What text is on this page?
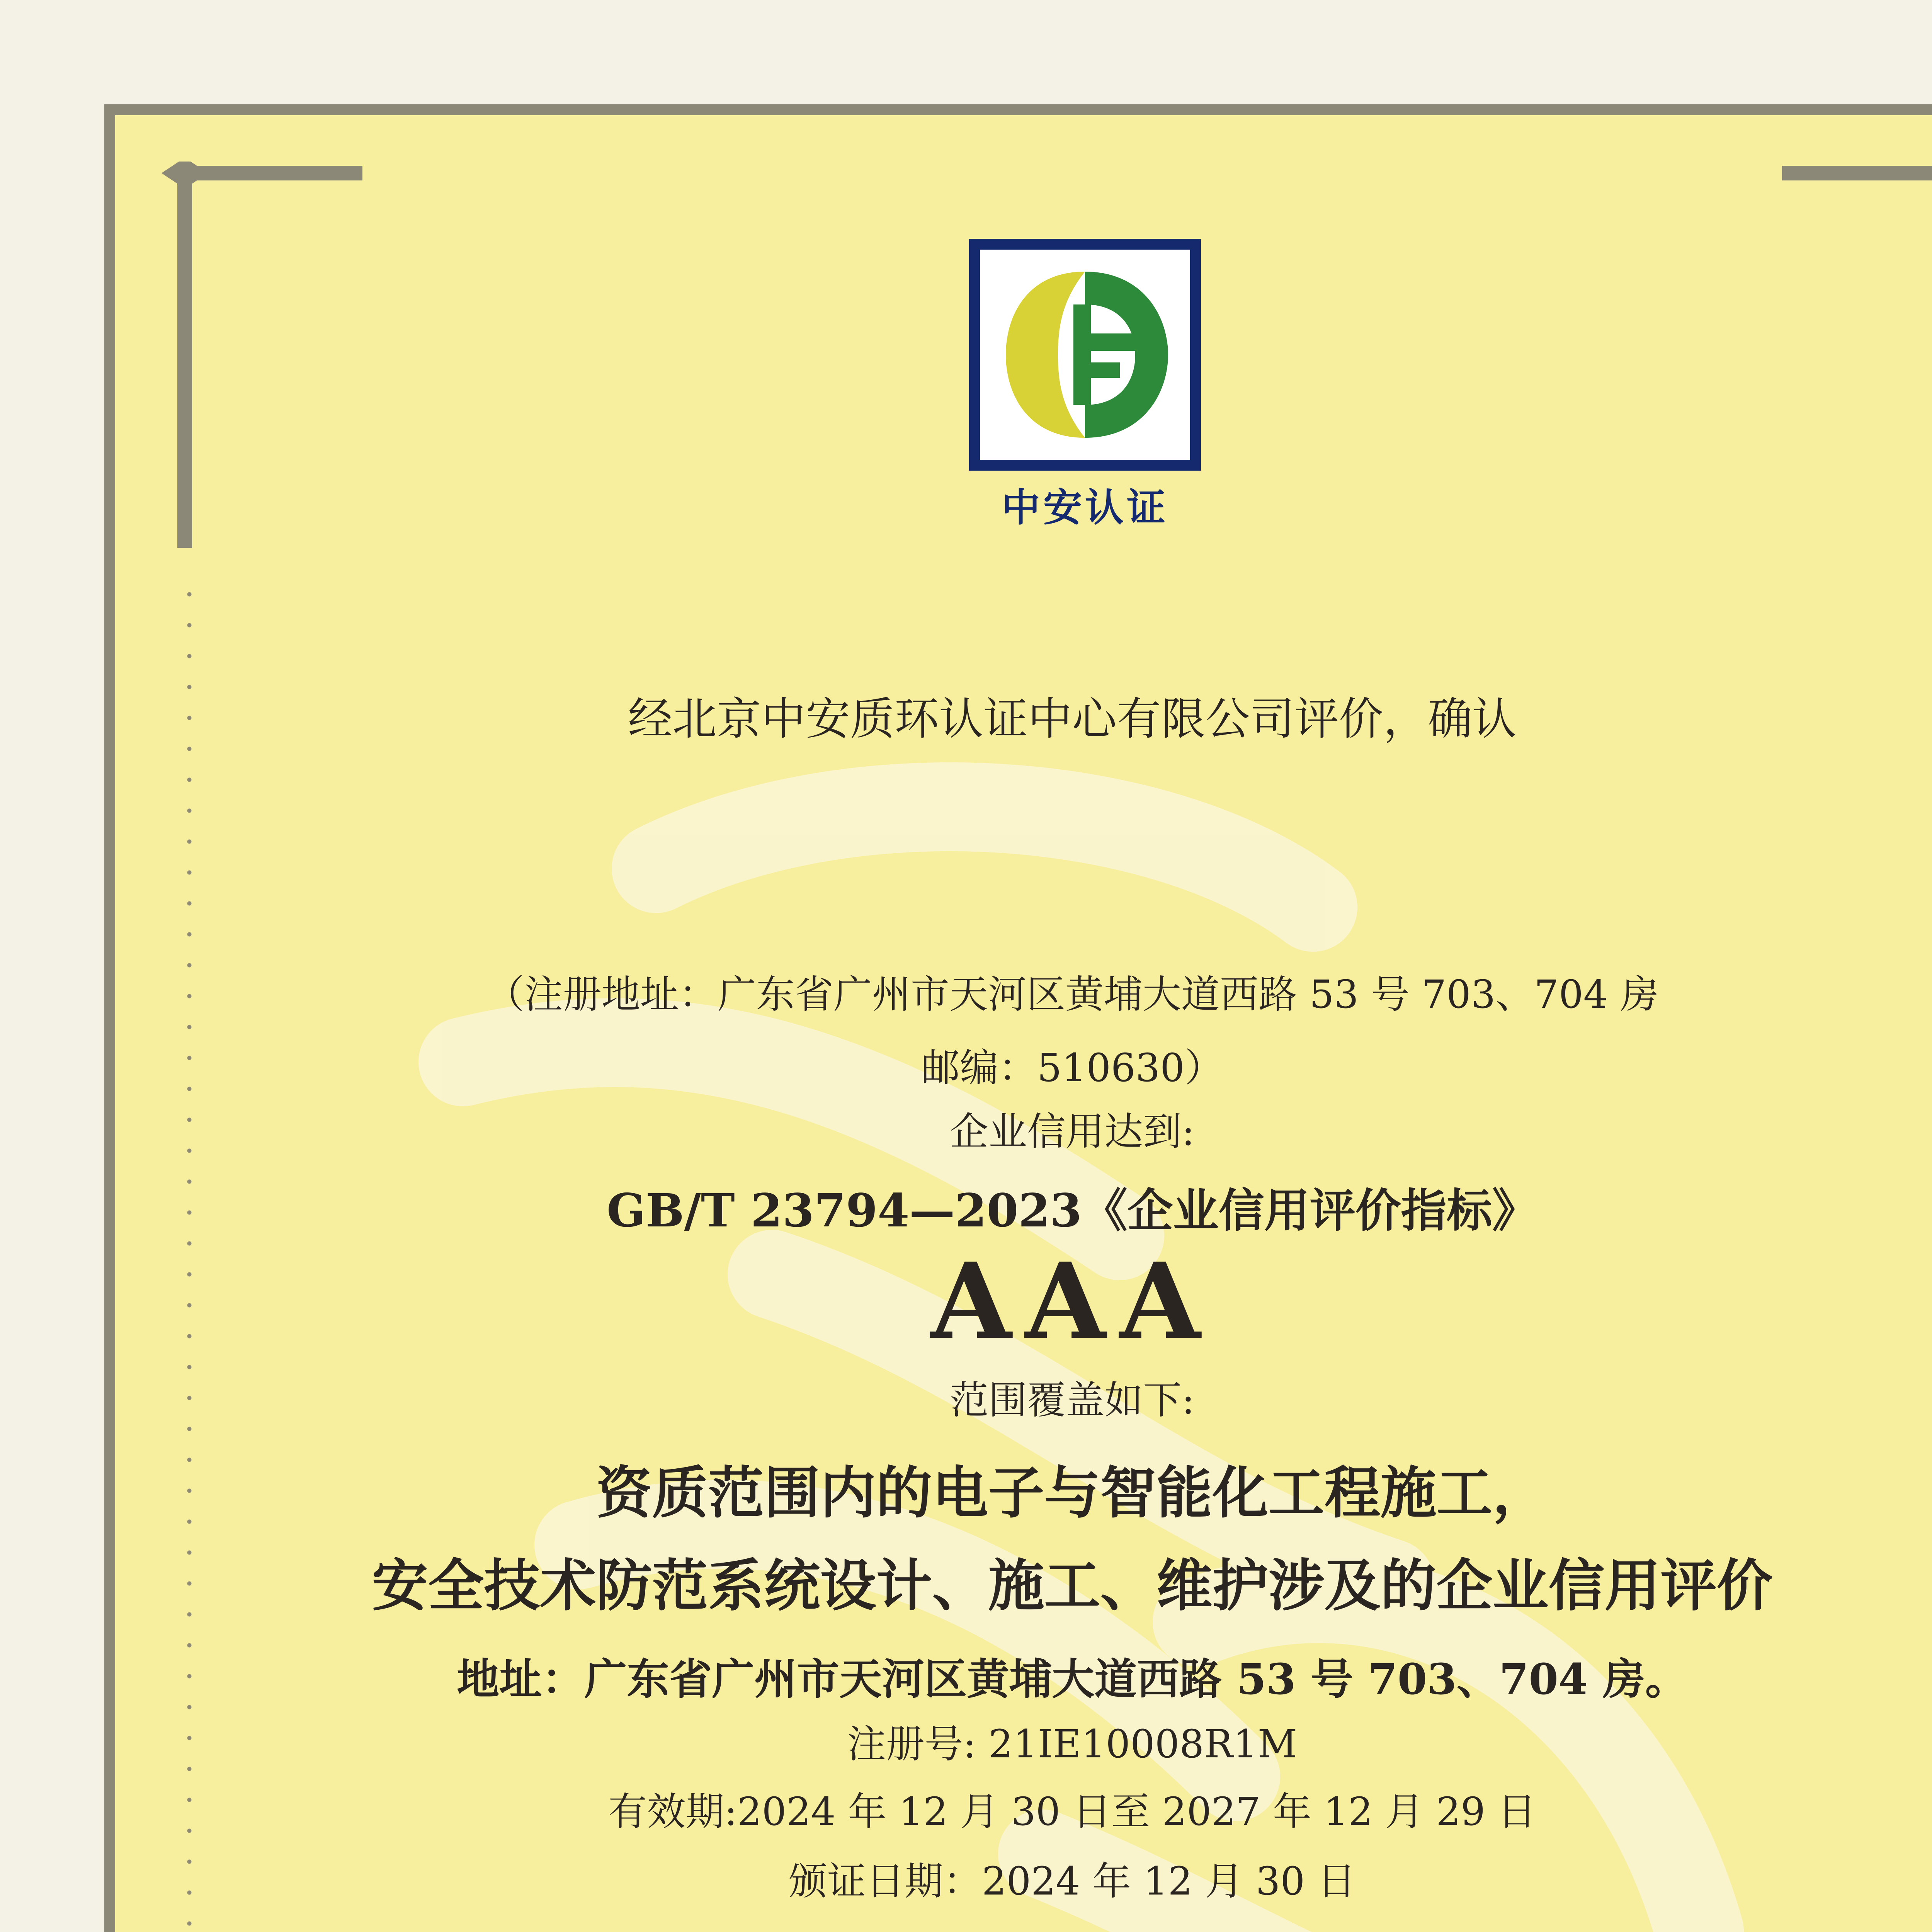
中安认证
经北京中安质环认证中心有限公司评价，确认
（注册地址：广东省广州市天河区黄埔大道西路 53 号 703、704 房
邮编：510630）
企业信用达到:
GB/T 23794—2023《企业信用评价指标》
AAA
范围覆盖如下:
资质范围内的电子与智能化工程施工，
安全技术防范系统设计、施工、维护涉及的企业信用评价
地址：广东省广州市天河区黄埔大道西路 53 号 703、704 房。
注册号: 21IE10008R1M
有效期:2024 年 12 月 30 日至 2027 年 12 月 29 日
颁证日期：2024 年 12 月 30 日
